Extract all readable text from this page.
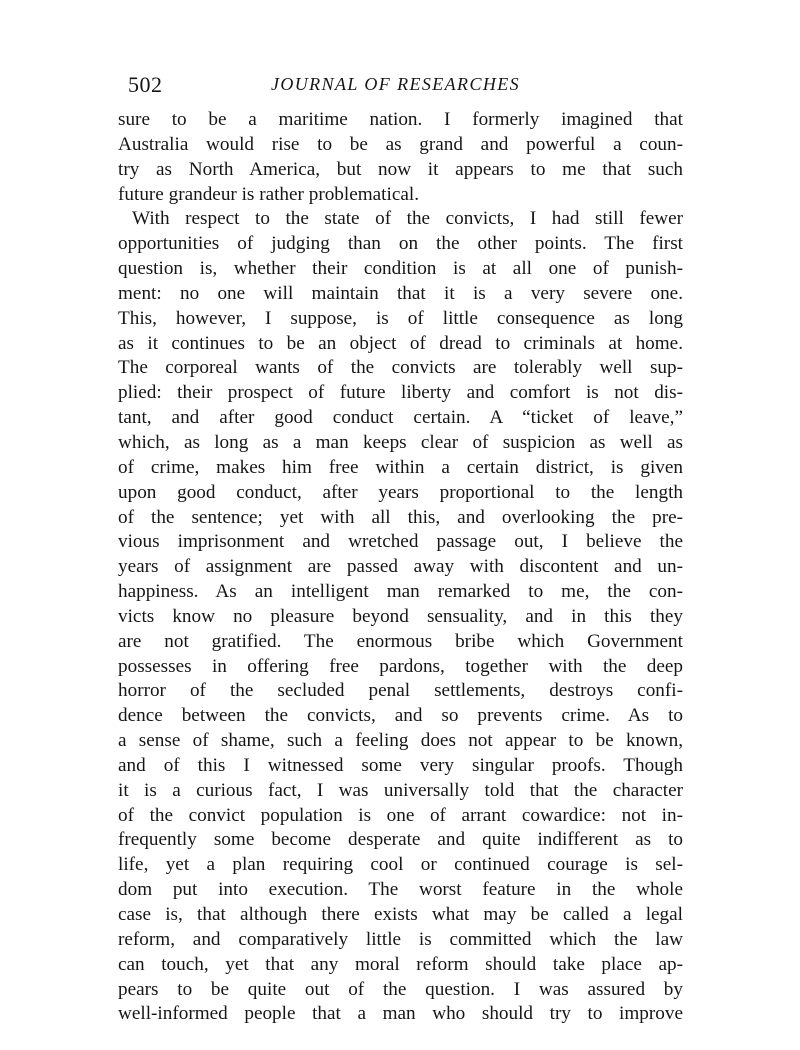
502	JOURNAL OF RESEARCHES
sure to be a maritime nation. I formerly imagined that
Australia would rise to be as grand and powerful a coun-
try as North America, but now it appears to me that such
future grandeur is rather problematical.
With respect to the state of the convicts, I had still fewer
opportunities of judging than on the other points. The first
question is, whether their condition is at all one of punish-
ment: no one will maintain that it is a very severe one.
This, however, I suppose, is of little consequence as long
as it continues to be an object of dread to criminals at home.
The corporeal wants of the convicts are tolerably well sup-
plied: their prospect of future liberty and comfort is not dis-
tant, and after good conduct certain. A “ticket of leave,”
which, as long as a man keeps clear of suspicion as well as
of crime, makes him free within a certain district, is given
upon good conduct, after years proportional to the length
of the sentence; yet with all this, and overlooking the pre-
vious imprisonment and wretched passage out, I believe the
years of assignment are passed away with discontent and un-
happiness. As an intelligent man remarked to me, the con-
victs know no pleasure beyond sensuality, and in this they
are not gratified. The enormous bribe which Government
possesses in offering free pardons, together with the deep
horror of the secluded penal settlements, destroys confi-
dence between the convicts, and so prevents crime. As to
a sense of shame, such a feeling does not appear to be known,
and of this I witnessed some very singular proofs. Though
it is a curious fact, I was universally told that the character
of the convict population is one of arrant cowardice: not in-
frequently some become desperate and quite indifferent as to
life, yet a plan requiring cool or continued courage is sel-
dom put into execution. The worst feature in the whole
case is, that although there exists what may be called a legal
reform, and comparatively little is committed which the law
can touch, yet that any moral reform should take place ap-
pears to be quite out of the question. I was assured by
well-informed people that a man who should try to improve
